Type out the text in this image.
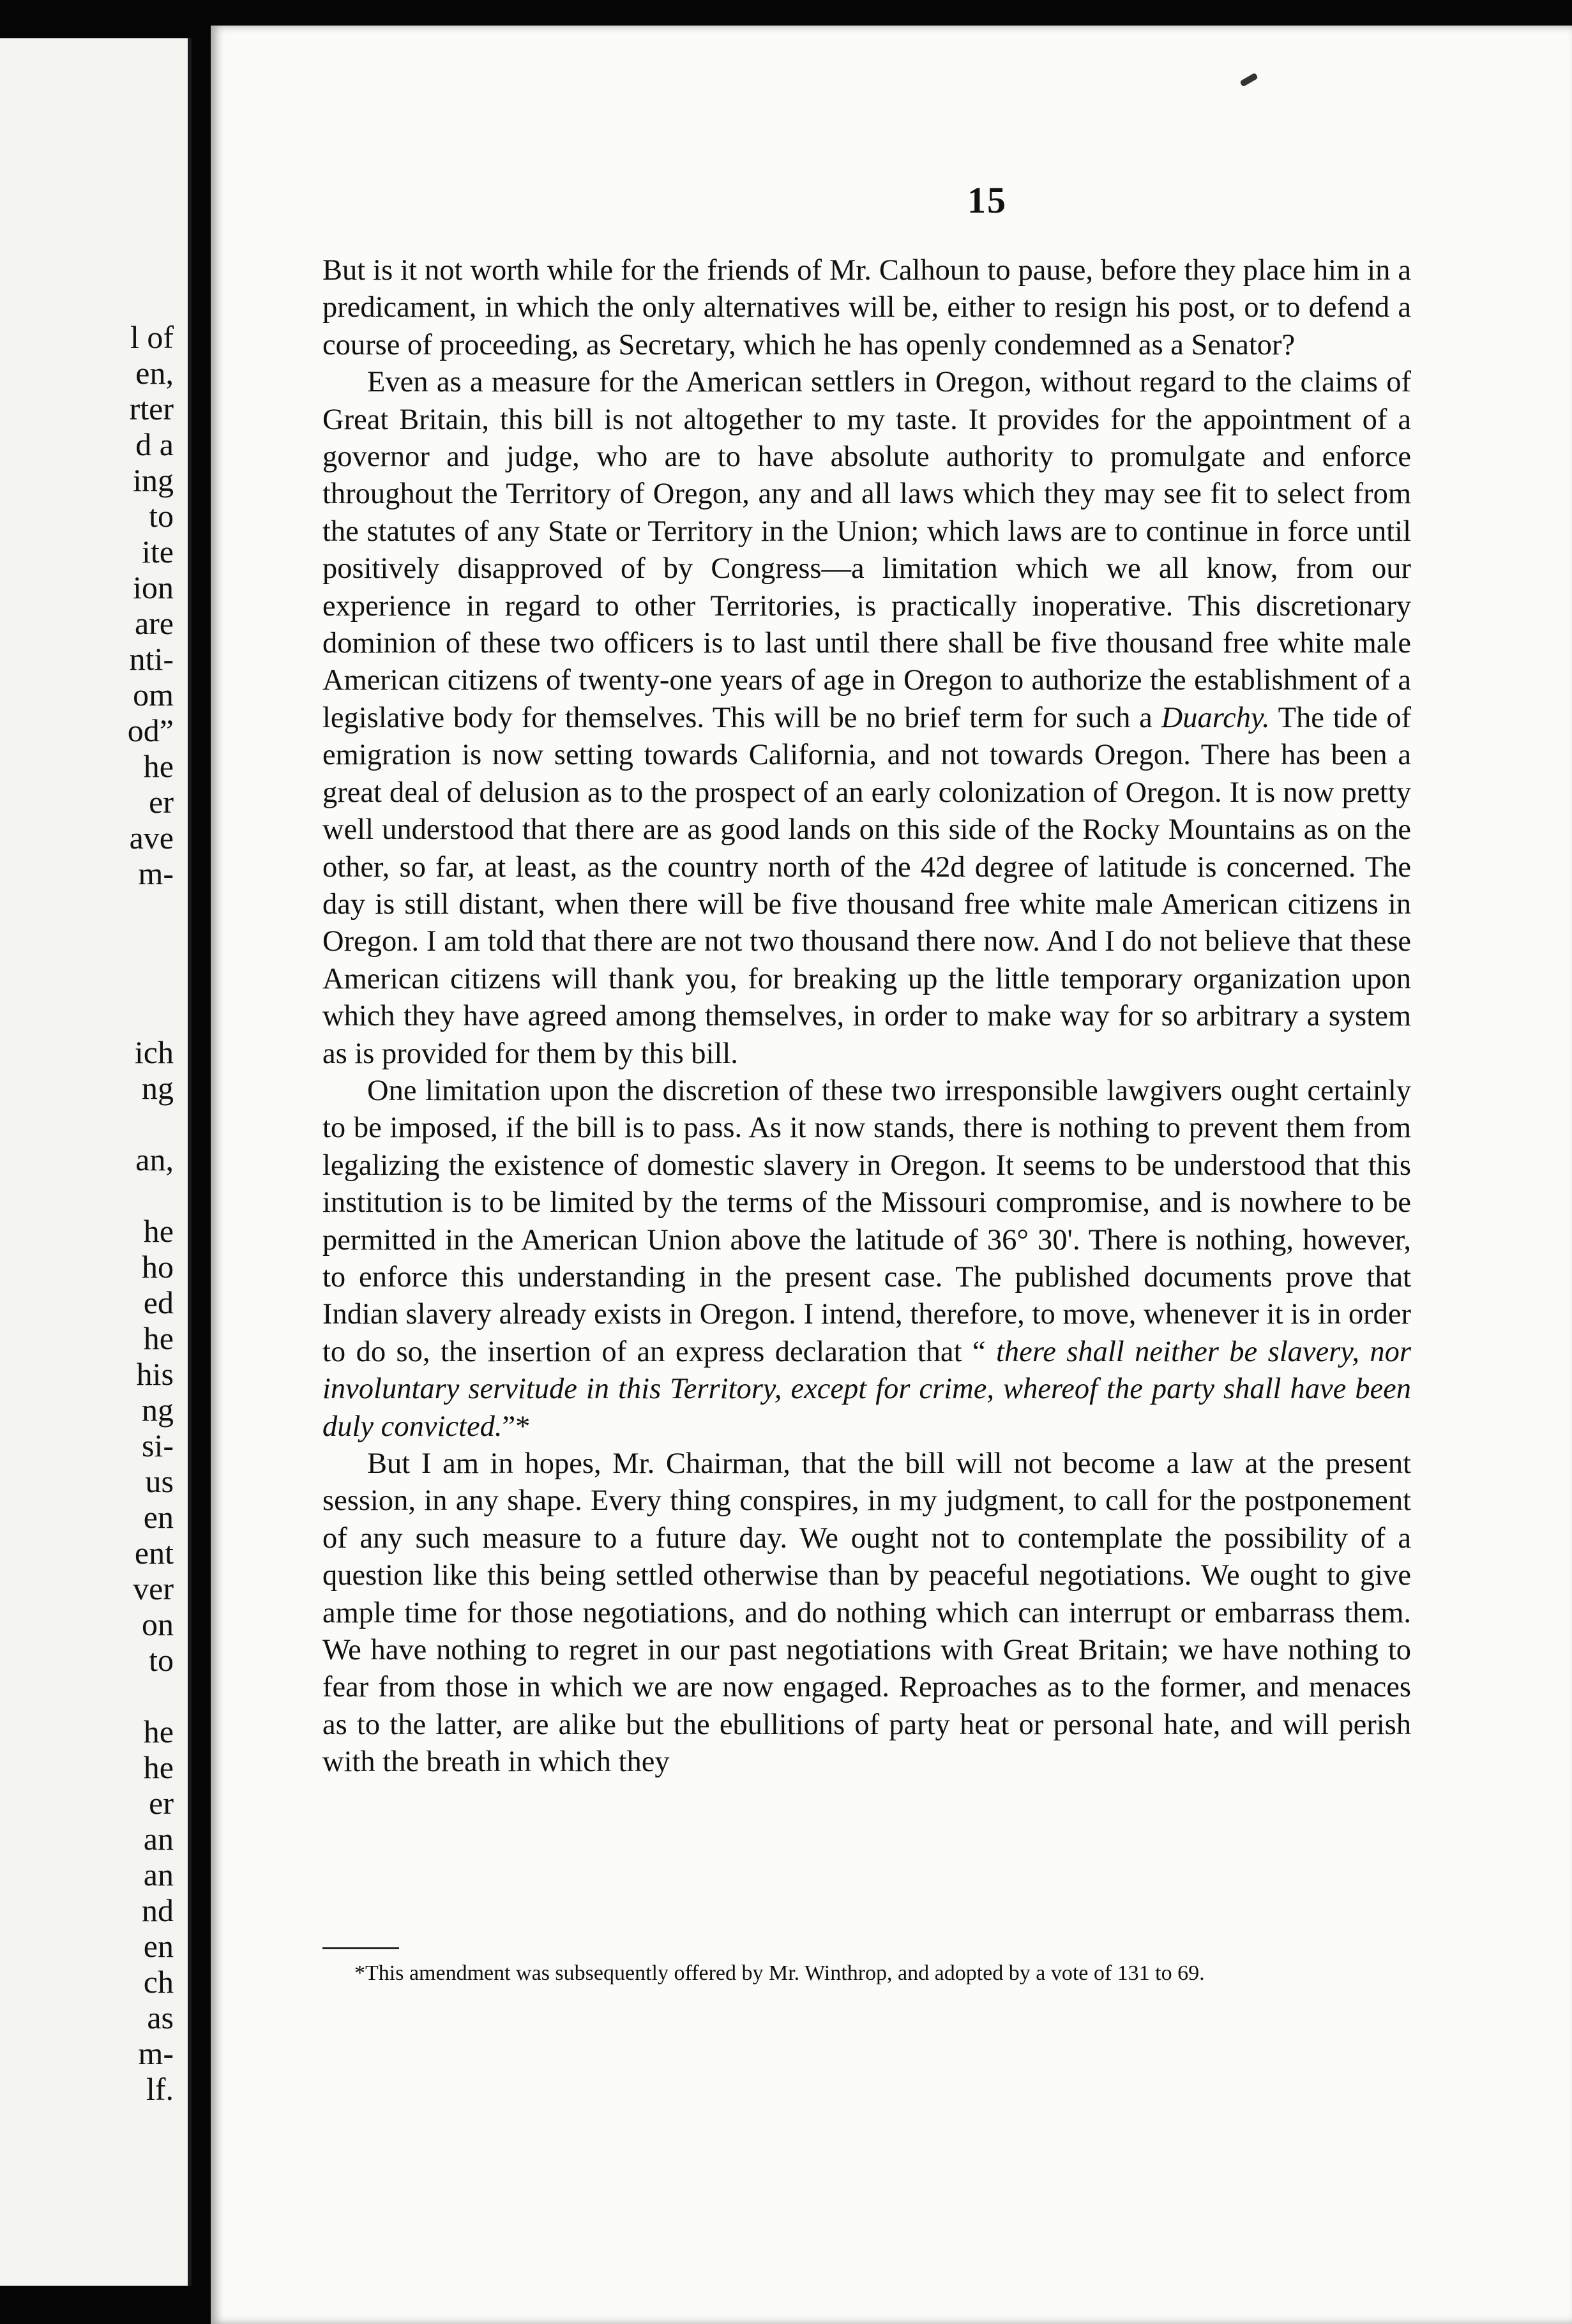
l of
en,
rter
d a
ing
to
ite
ion
are
nti-
om
od”
he
er
ave
m-
ich
ng
an,
he
ho
ed
he
his
ng
si-
us
en
ent
ver
on
to
he
he
er
an
an
nd
en
ch
as
m-
lf.
15

But is it not worth while for the friends of Mr. Calhoun to pause, before they place him in a predicament, in which the only alternatives will be, either to resign his post, or to defend a course of proceeding, as Secretary, which he has openly condemned as a Senator?

Even as a measure for the American settlers in Oregon, without regard to the claims of Great Britain, this bill is not altogether to my taste. It provides for the appointment of a governor and judge, who are to have absolute authority to promulgate and enforce throughout the Territory of Oregon, any and all laws which they may see fit to select from the statutes of any State or Territory in the Union; which laws are to continue in force until positively disapproved of by Congress—a limitation which we all know, from our experience in regard to other Territories, is practically inoperative. This discretionary dominion of these two officers is to last until there shall be five thousand free white male American citizens of twenty-one years of age in Oregon to authorize the establishment of a legislative body for themselves. This will be no brief term for such a Duarchy. The tide of emigration is now setting towards California, and not towards Oregon. There has been a great deal of delusion as to the prospect of an early colonization of Oregon. It is now pretty well understood that there are as good lands on this side of the Rocky Mountains as on the other, so far, at least, as the country north of the 42d degree of latitude is concerned. The day is still distant, when there will be five thousand free white male American citizens in Oregon. I am told that there are not two thousand there now. And I do not believe that these American citizens will thank you, for breaking up the little temporary organization upon which they have agreed among themselves, in order to make way for so arbitrary a system as is provided for them by this bill.

One limitation upon the discretion of these two irresponsible lawgivers ought certainly to be imposed, if the bill is to pass. As it now stands, there is nothing to prevent them from legalizing the existence of domestic slavery in Oregon. It seems to be understood that this institution is to be limited by the terms of the Missouri compromise, and is nowhere to be permitted in the American Union above the latitude of 36° 30'. There is nothing, however, to enforce this understanding in the present case. The published documents prove that Indian slavery already exists in Oregon. I intend, therefore, to move, whenever it is in order to do so, the insertion of an express declaration that “ there shall neither be slavery, nor involuntary servitude in this Territory, except for crime, whereof the party shall have been duly convicted.”*

But I am in hopes, Mr. Chairman, that the bill will not become a law at the present session, in any shape. Every thing conspires, in my judgment, to call for the postponement of any such measure to a future day. We ought not to contemplate the possibility of a question like this being settled otherwise than by peaceful negotiations. We ought to give ample time for those negotiations, and do nothing which can interrupt or embarrass them. We have nothing to regret in our past negotiations with Great Britain; we have nothing to fear from those in which we are now engaged. Reproaches as to the former, and menaces as to the latter, are alike but the ebullitions of party heat or personal hate, and will perish with the breath in which they

*This amendment was subsequently offered by Mr. Winthrop, and adopted by a vote of 131 to 69.
